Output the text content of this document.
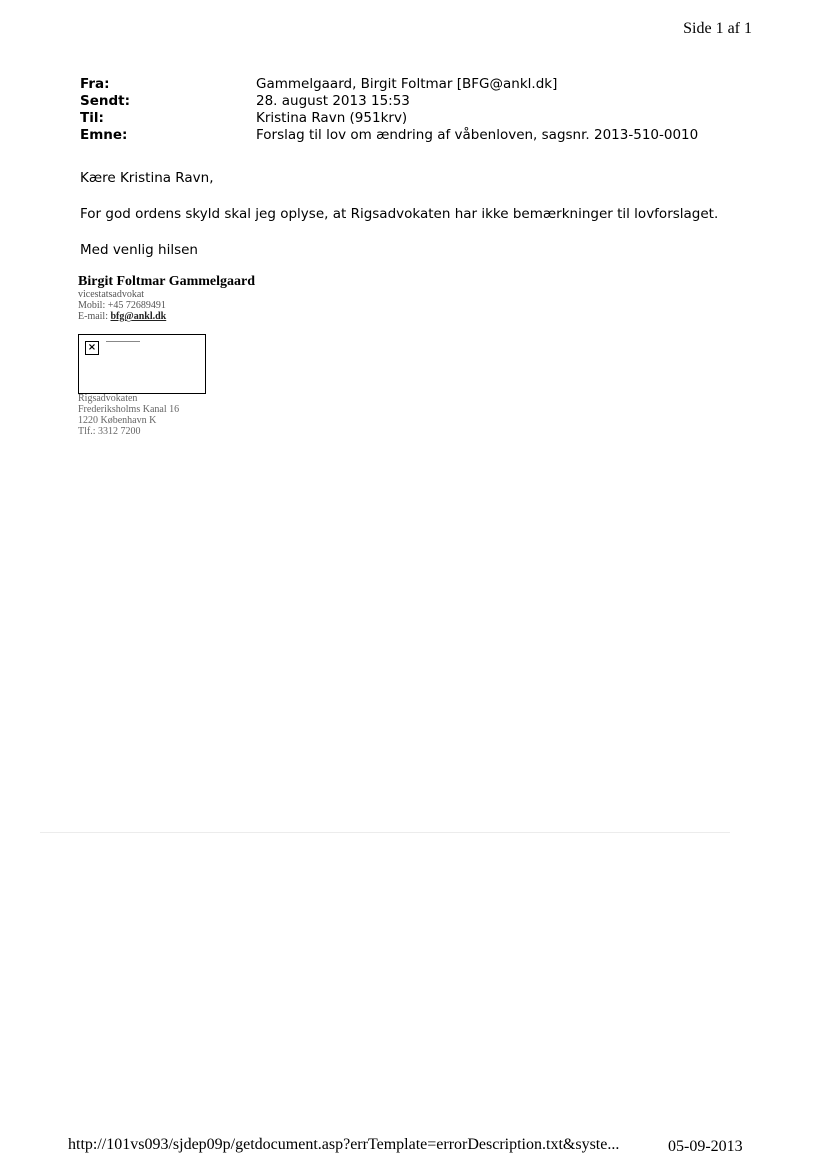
Side 1 af 1
Fra:	Gammelgaard, Birgit Foltmar [BFG@ankl.dk]
Sendt:	28. august 2013 15:53
Til:	Kristina Ravn (951krv)
Emne:	Forslag til lov om ændring af våbenloven, sagsnr. 2013-510-0010
Kære Kristina Ravn,
For god ordens skyld skal jeg oplyse, at Rigsadvokaten har ikke bemærkninger til lovforslaget.
Med venlig hilsen
Birgit Foltmar Gammelgaard
vicestatsadvokat
Mobil: +45 72689491
E-mail: bfg@ankl.dk
×
Rigsadvokaten
Frederiksholms Kanal 16
1220 København K
Tlf.: 3312 7200
http://101vs093/sjdep09p/getdocument.asp?errTemplate=errorDescription.txt&syste...	05-09-2013
